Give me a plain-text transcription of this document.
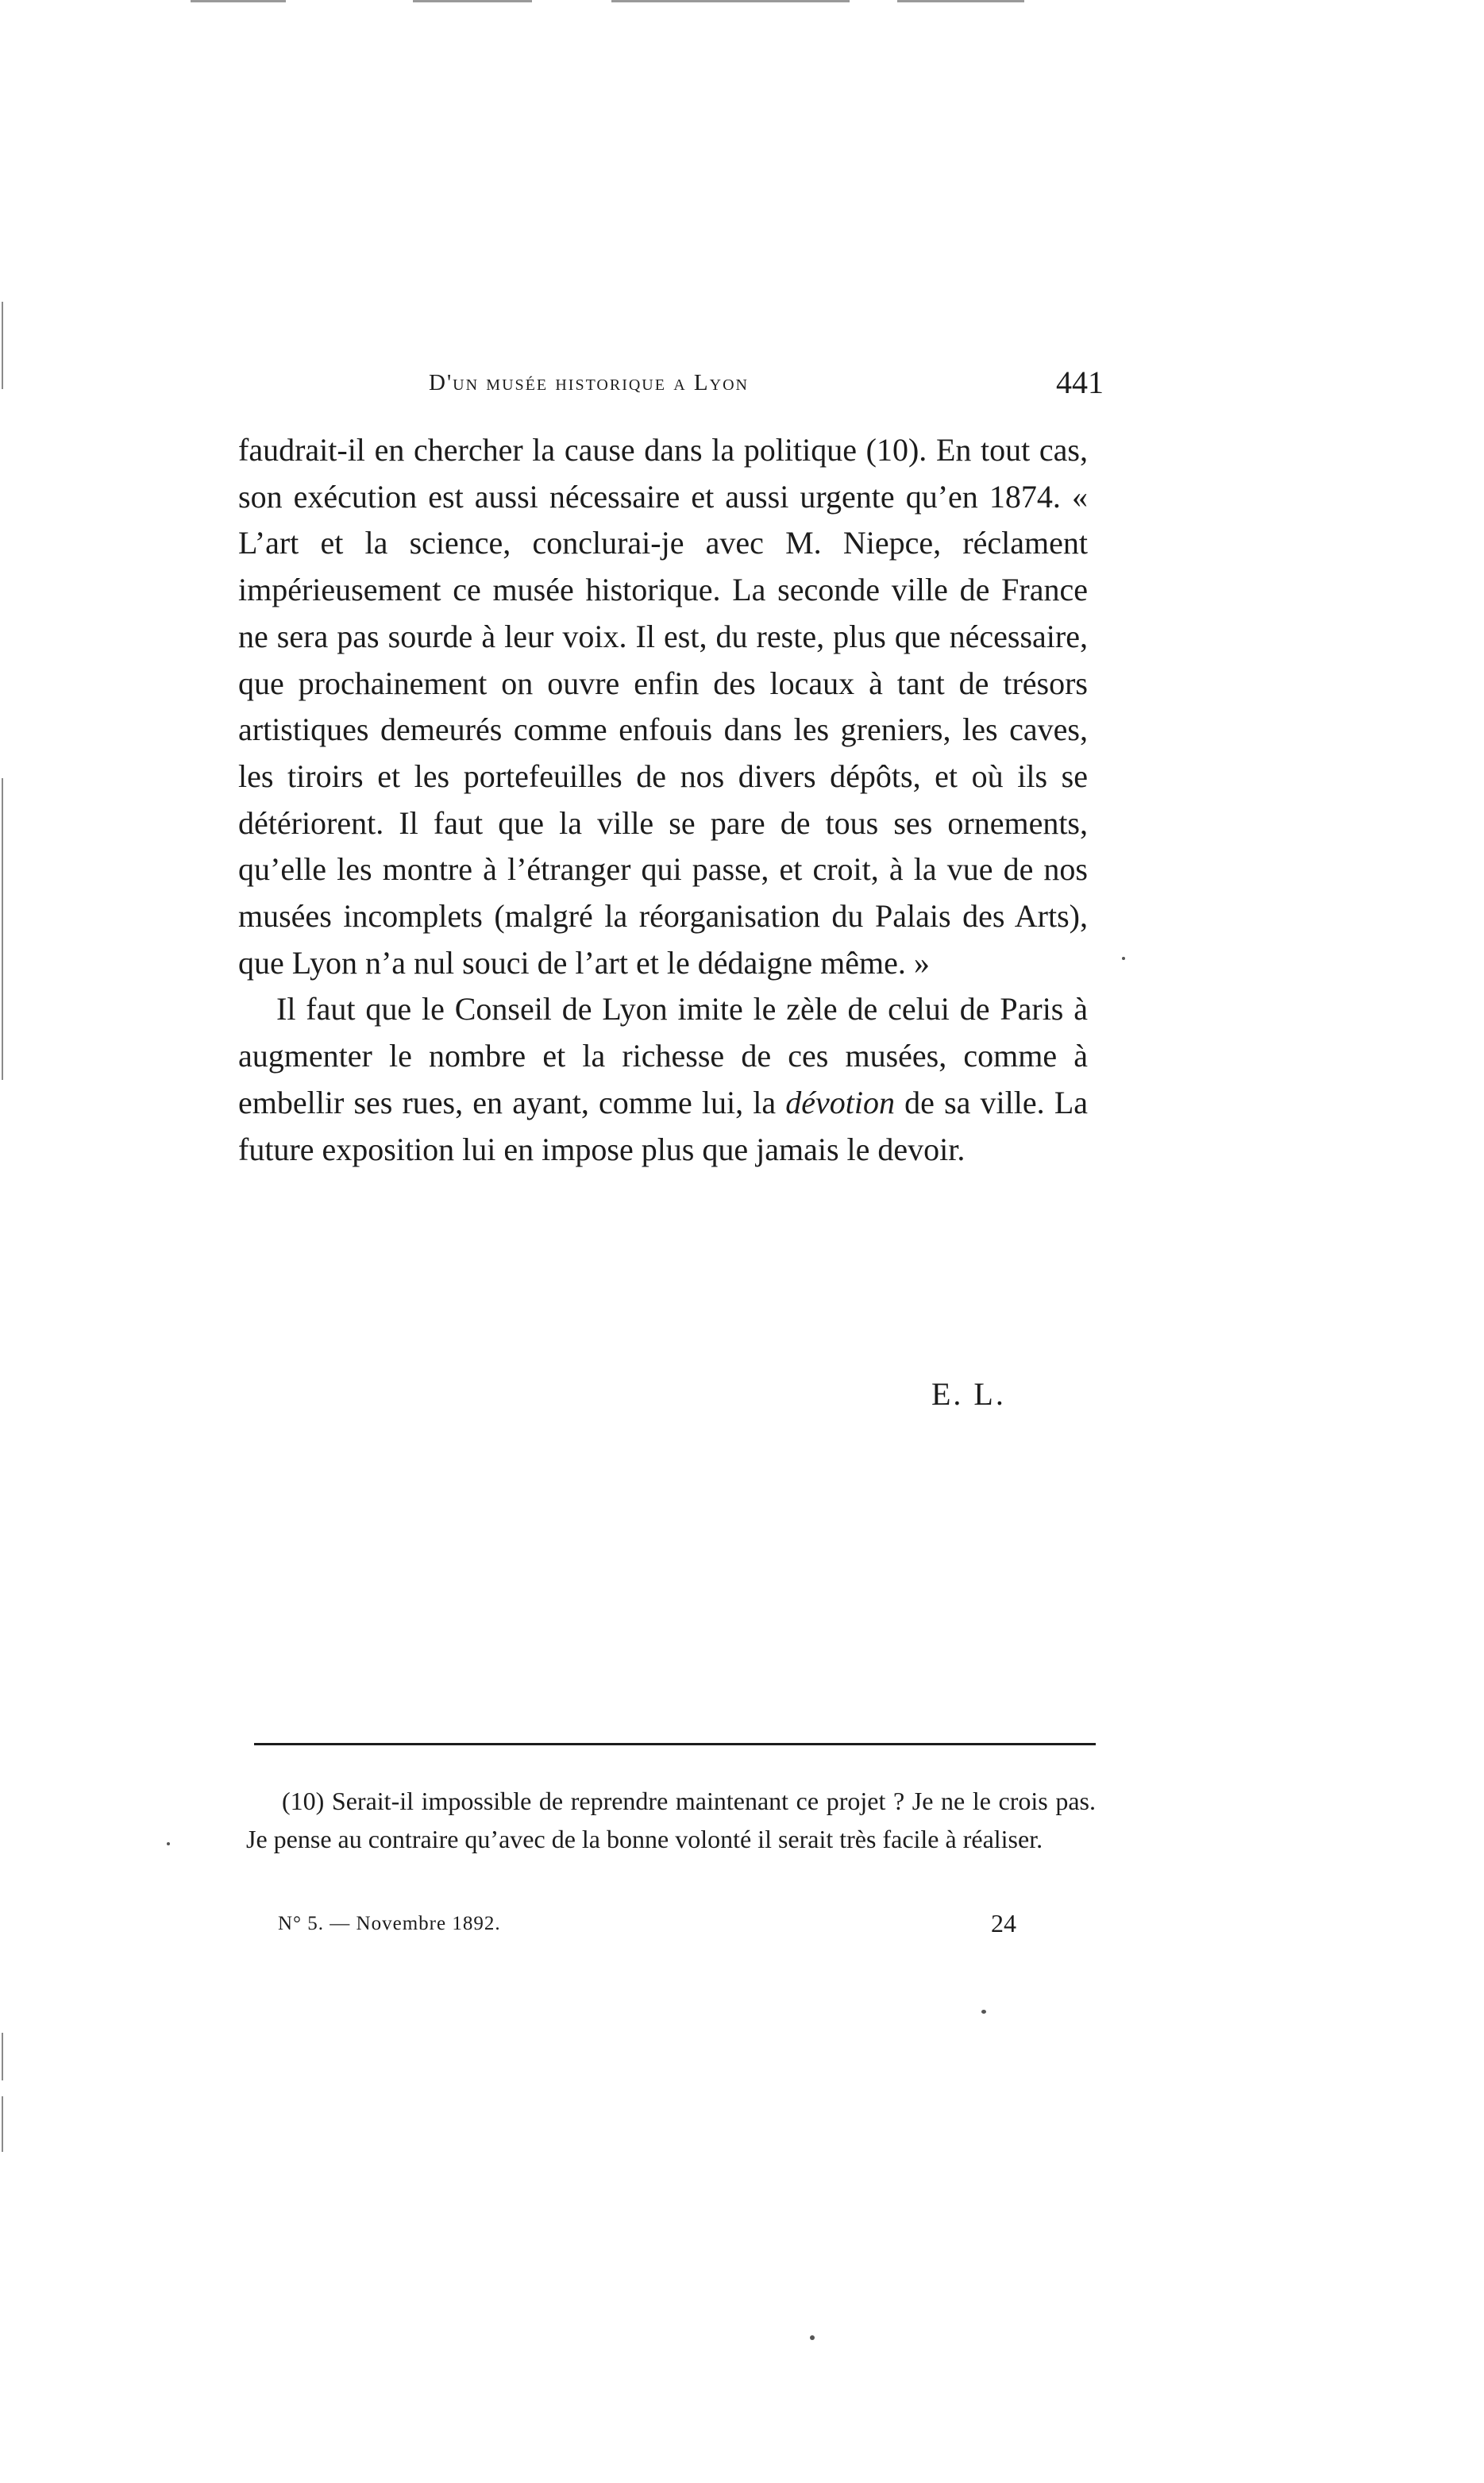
D'un musée historique a Lyon	441

faudrait-il en chercher la cause dans la politique (10). En tout cas, son exécution est aussi nécessaire et aussi urgente qu’en 1874. « L’art et la science, conclurai-je avec M. Niepce, réclament impérieusement ce musée historique. La seconde ville de France ne sera pas sourde à leur voix. Il est, du reste, plus que nécessaire, que prochainement on ouvre enfin des locaux à tant de trésors artistiques demeurés comme enfouis dans les greniers, les caves, les tiroirs et les portefeuilles de nos divers dépôts, et où ils se détériorent. Il faut que la ville se pare de tous ses ornements, qu’elle les montre à l’étranger qui passe, et croit, à la vue de nos musées incomplets (malgré la réorganisation du Palais des Arts), que Lyon n’a nul souci de l’art et le dédaigne même. »

Il faut que le Conseil de Lyon imite le zèle de celui de Paris à augmenter le nombre et la richesse de ces musées, comme à embellir ses rues, en ayant, comme lui, la dévotion de sa ville. La future exposition lui en impose plus que jamais le devoir.

E. L.
(10) Serait-il impossible de reprendre maintenant ce projet ? Je ne le crois pas. Je pense au contraire qu’avec de la bonne volonté il serait très facile à réaliser.
N° 5. — Novembre 1892.	24
